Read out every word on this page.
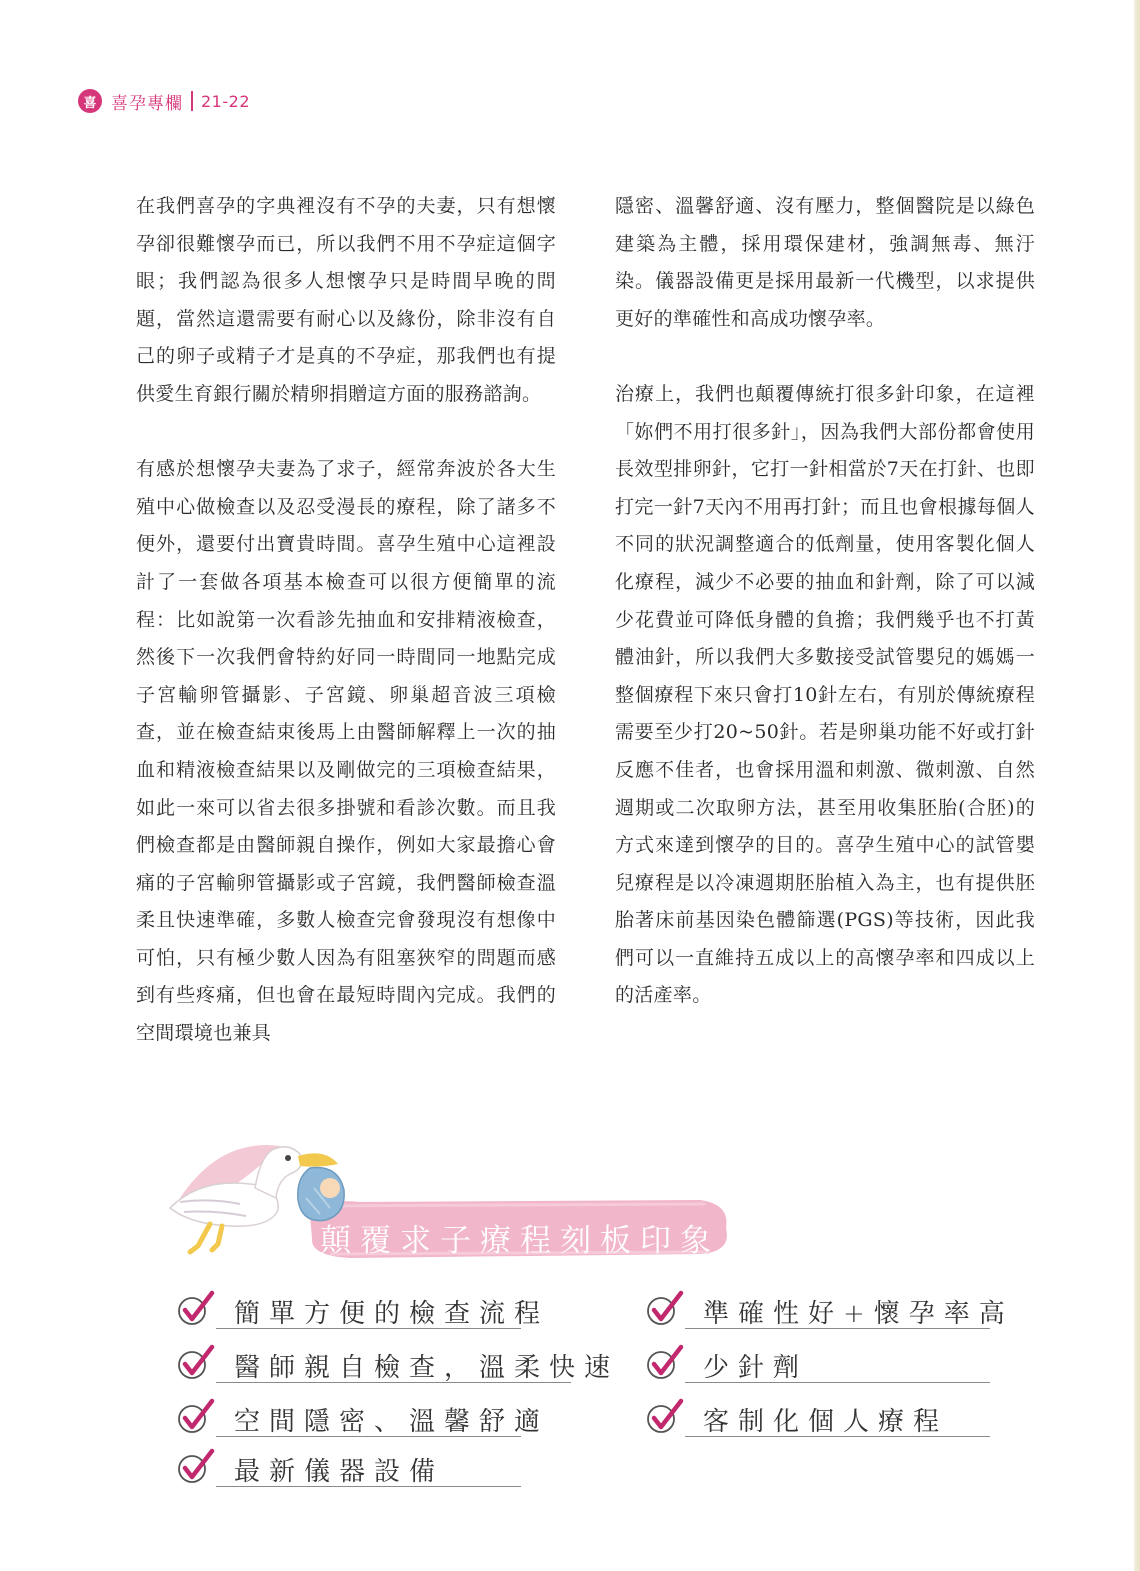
喜 喜孕專欄 21-22

在我們喜孕的字典裡沒有不孕的夫妻，只有想懷孕卻很難懷孕而已，所以我們不用不孕症這個字眼；我們認為很多人想懷孕只是時間早晚的問題，當然這還需要有耐心以及緣份，除非沒有自己的卵子或精子才是真的不孕症，那我們也有提供愛生育銀行關於精卵捐贈這方面的服務諮詢。

有感於想懷孕夫妻為了求子，經常奔波於各大生殖中心做檢查以及忍受漫長的療程，除了諸多不便外，還要付出寶貴時間。喜孕生殖中心這裡設計了一套做各項基本檢查可以很方便簡單的流程：比如說第一次看診先抽血和安排精液檢查，然後下一次我們會特約好同一時間同一地點完成子宮輸卵管攝影、子宮鏡、卵巢超音波三項檢查，並在檢查結束後馬上由醫師解釋上一次的抽血和精液檢查結果以及剛做完的三項檢查結果，如此一來可以省去很多掛號和看診次數。而且我們檢查都是由醫師親自操作，例如大家最擔心會痛的子宮輸卵管攝影或子宮鏡，我們醫師檢查溫柔且快速準確，多數人檢查完會發現沒有想像中可怕，只有極少數人因為有阻塞狹窄的問題而感到有些疼痛，但也會在最短時間內完成。我們的空間環境也兼具

隱密、溫馨舒適、沒有壓力，整個醫院是以綠色建築為主體，採用環保建材，強調無毒、無汙染。儀器設備更是採用最新一代機型，以求提供更好的準確性和高成功懷孕率。

治療上，我們也顛覆傳統打很多針印象，在這裡「妳們不用打很多針」，因為我們大部份都會使用長效型排卵針，它打一針相當於7天在打針、也即打完一針7天內不用再打針；而且也會根據每個人不同的狀況調整適合的低劑量，使用客製化個人化療程，減少不必要的抽血和針劑，除了可以減少花費並可降低身體的負擔；我們幾乎也不打黃體油針，所以我們大多數接受試管嬰兒的媽媽一整個療程下來只會打10針左右，有別於傳統療程需要至少打20~50針。若是卵巢功能不好或打針反應不佳者，也會採用溫和刺激、微刺激、自然週期或二次取卵方法，甚至用收集胚胎(合胚)的方式來達到懷孕的目的。喜孕生殖中心的試管嬰兒療程是以冷凍週期胚胎植入為主，也有提供胚胎著床前基因染色體篩選(PGS)等技術，因此我們可以一直維持五成以上的高懷孕率和四成以上的活產率。

顛覆求子療程刻板印象
簡單方便的檢查流程
醫師親自檢查，溫柔快速
空間隱密、溫馨舒適
最新儀器設備
準確性好+懷孕率高
少針劑
客制化個人療程
